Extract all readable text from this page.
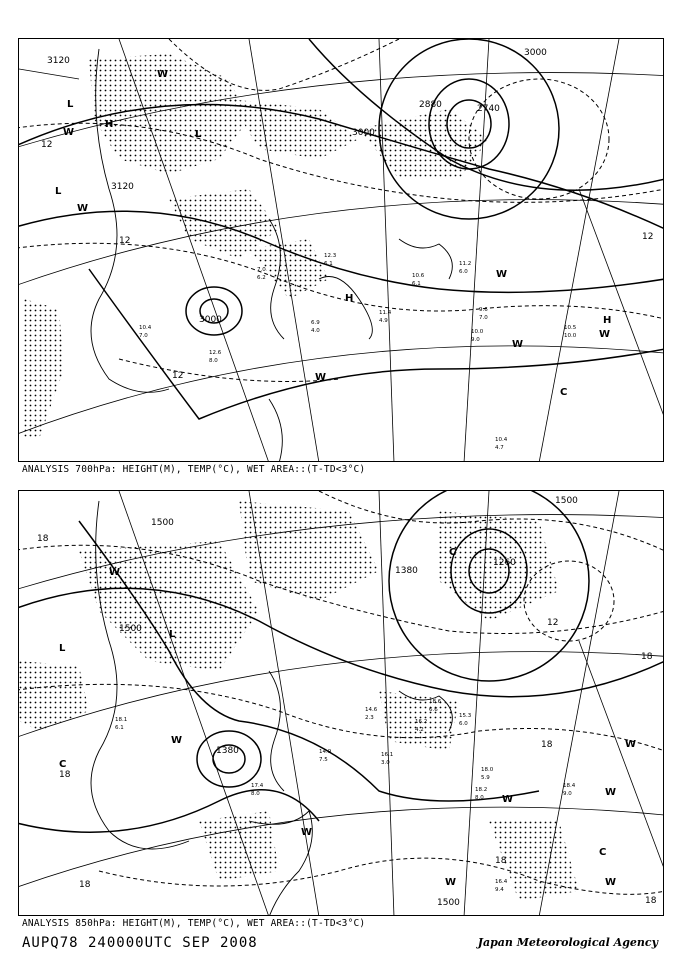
3120
3120
2880
3000
3000
3000
2740
12
12
12
12
L
L
L
H
H
W
W
W
W
W
W
W
H
C
10.4
4.7
10.0
9.0
9.6
7.0
11.2
6.0
10.5
10.0
12.6
8.0
10.4
7.0
7.0
6.2
11.4
4.9
6.9
4.0
12.3
6.1
10.6
6.1
ANALYSIS 700hPa: HEIGHT(M), TEMP(°C), WET AREA::(T-TD<3°C)
1500
1500
1380
1260
1500
1380
1500
18
18
12
18
18
18
18
18
L
L
C
C
W
W	W
W
W
W
W
W
C
18.4
9.0
18.0
5.9
18.2
8.0
15.3
6.0
14.6
2.3
18.6
6.6
16.1
3.0
14.9
7.5
16.2
4.2
17.4
8.0
18.1
6.1
16.4
9.4
ANALYSIS 850hPa: HEIGHT(M), TEMP(°C), WET AREA::(T-TD<3°C)
AUPQ78 240000UTC SEP 2008	Japan Meteorological Agency
